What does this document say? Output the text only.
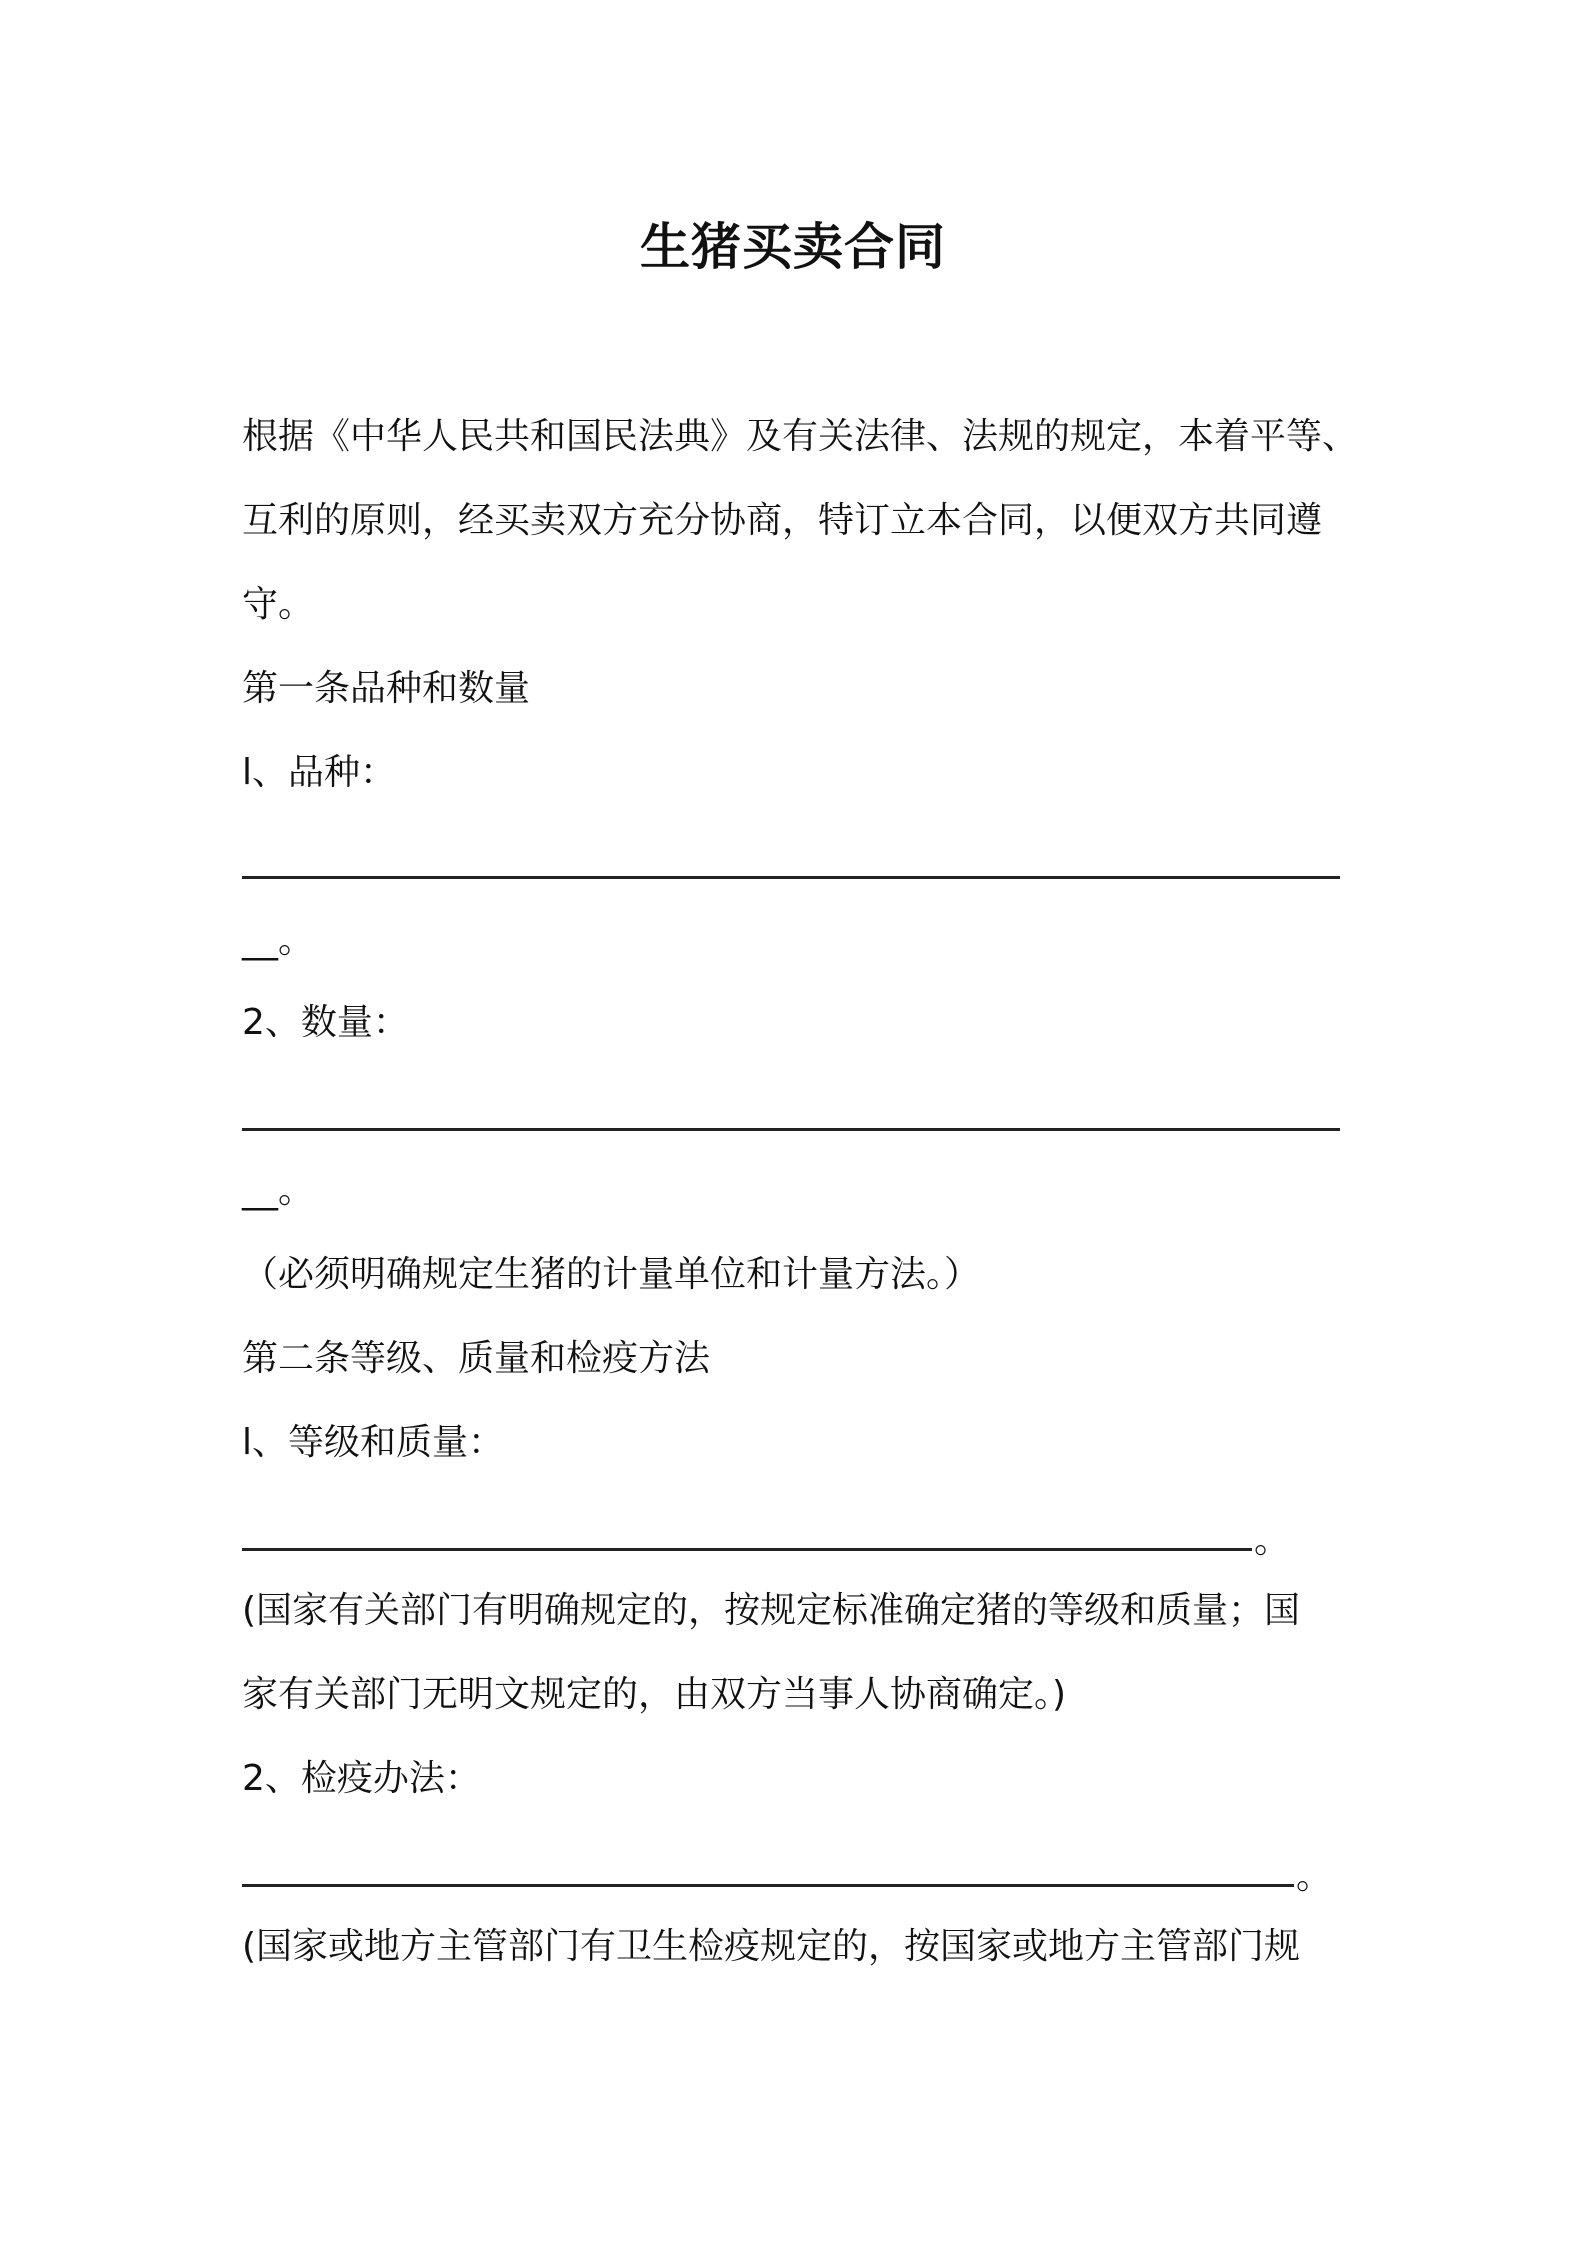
生猪买卖合同
根据《中华人民共和国民法典》及有关法律、法规的规定，本着平等、
互利的原则，经买卖双方充分协商，特订立本合同，以便双方共同遵
守。
第一条品种和数量
l、品种：
__。
2、数量：
__。
（必须明确规定生猪的计量单位和计量方法。）
第二条等级、质量和检疫方法
l、等级和质量：
。
(国家有关部门有明确规定的，按规定标准确定猪的等级和质量；国
家有关部门无明文规定的，由双方当事人协商确定。)
2、检疫办法：
。
(国家或地方主管部门有卫生检疫规定的，按国家或地方主管部门规
